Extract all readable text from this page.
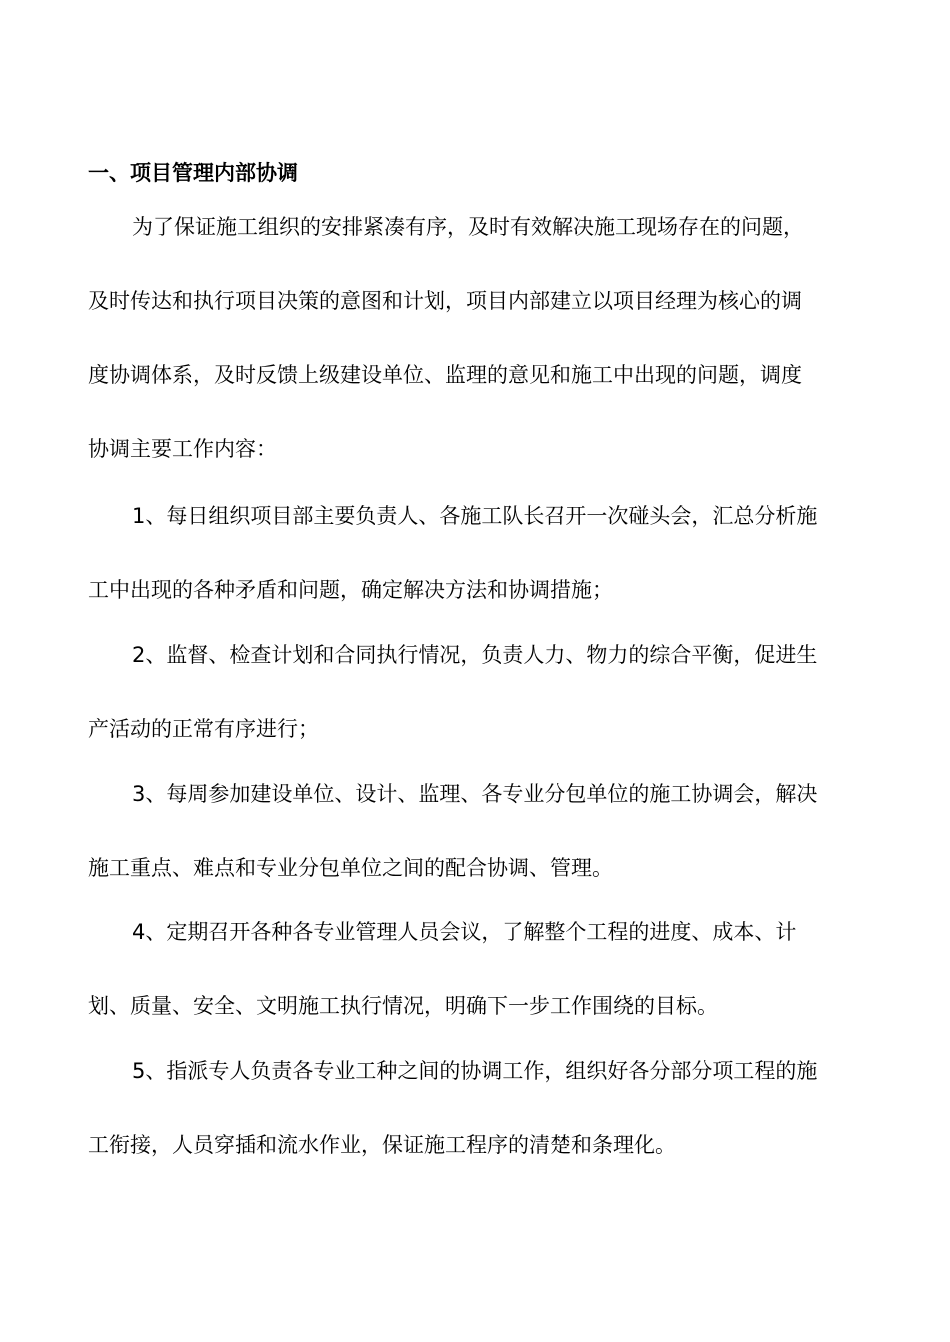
一、项目管理内部协调
为了保证施工组织的安排紧凑有序，及时有效解决施工现场存在的问题，
及时传达和执行项目决策的意图和计划，项目内部建立以项目经理为核心的调
度协调体系，及时反馈上级建设单位、监理的意见和施工中出现的问题，调度
协调主要工作内容：
1、每日组织项目部主要负责人、各施工队长召开一次碰头会，汇总分析施
工中出现的各种矛盾和问题，确定解决方法和协调措施；
2、监督、检查计划和合同执行情况，负责人力、物力的综合平衡，促进生
产活动的正常有序进行；
3、每周参加建设单位、设计、监理、各专业分包单位的施工协调会，解决
施工重点、难点和专业分包单位之间的配合协调、管理。
4、定期召开各种各专业管理人员会议，了解整个工程的进度、成本、计
划、质量、安全、文明施工执行情况，明确下一步工作围绕的目标。
5、指派专人负责各专业工种之间的协调工作，组织好各分部分项工程的施
工衔接，人员穿插和流水作业，保证施工程序的清楚和条理化。
